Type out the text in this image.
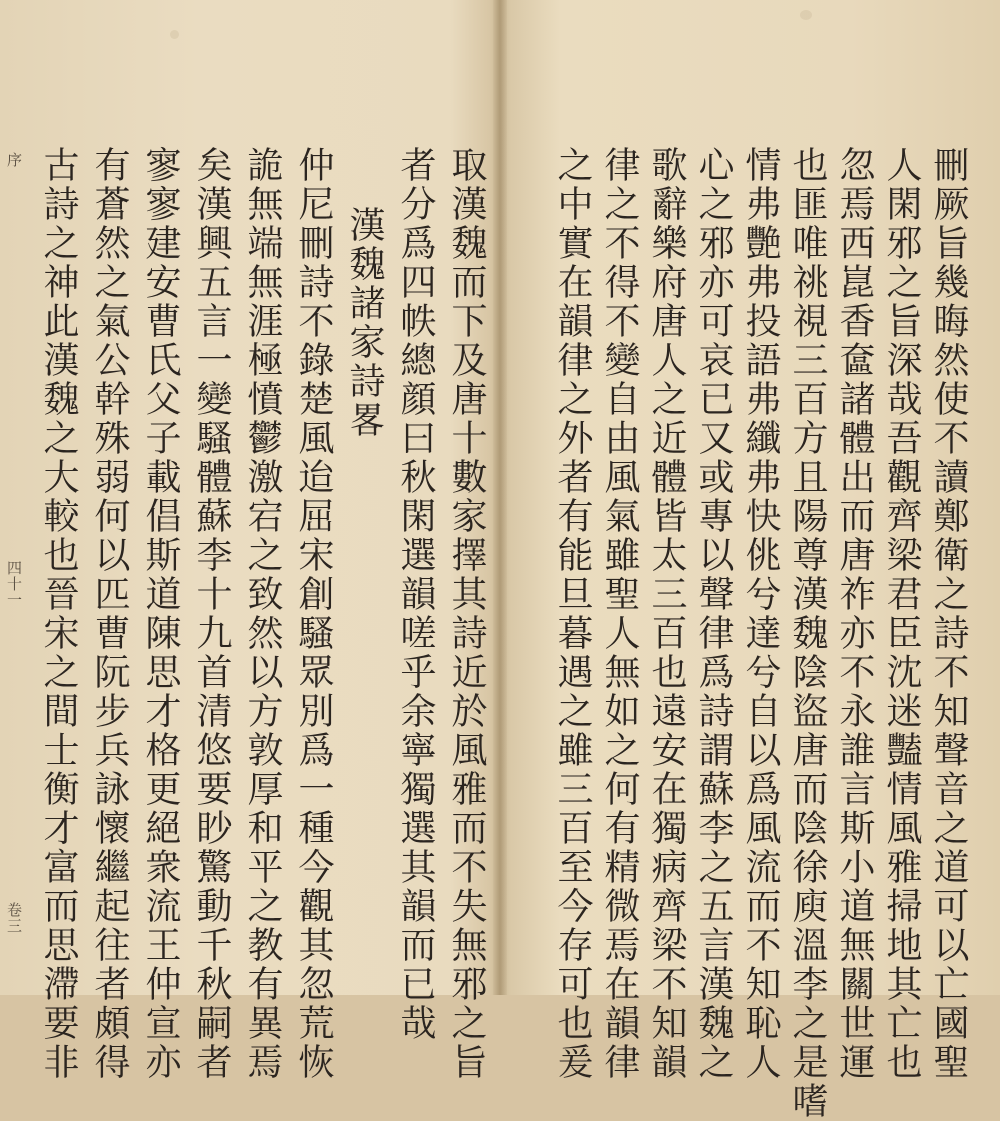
取漢魏而下及唐十數家擇其詩近於風雅而不失無邪之旨
者分爲四帙總顔曰秋閑選韻嗟乎余寧獨選其韻而已哉
漢魏諸家詩畧
仲尼刪詩不錄楚風迨屈宋創騷眾別爲一種今觀其忽荒恢
詭無端無涯極憤鬱激宕之致然以方敦厚和平之教有異焉
矣漢興五言一變騷體蘇李十九首清悠要眇驚動千秋嗣者
寥寥建安曹氏父子載倡斯道陳思才格更絕衆流王仲宣亦
有蒼然之氣公幹殊弱何以匹曹阮步兵詠懷繼起往者頗得
古詩之神此漢魏之大較也晉宋之間士衡才富而思滯要非
序
四十一
卷三	刪厥旨幾晦然使不讀鄭衛之詩不知聲音之道可以亡國聖
人閑邪之旨深哉吾觀齊梁君臣沈迷豔情風雅掃地其亡也
忽焉西崑香奩諸體出而唐祚亦不永誰言斯小道無關世運
也匪唯祧視三百方且陽尊漢魏陰盜唐而陰徐庾溫李之是嗜
情弗艷弗投語弗纖弗快佻兮達兮自以爲風流而不知恥人
心之邪亦可哀已又或專以聲律爲詩謂蘇李之五言漢魏之
歌辭樂府唐人之近體皆太三百也遠安在獨病齊梁不知韻
律之不得不變自由風氣雖聖人無如之何有精微焉在韻律
之中實在韻律之外者有能旦暮遇之雖三百至今存可也爰
